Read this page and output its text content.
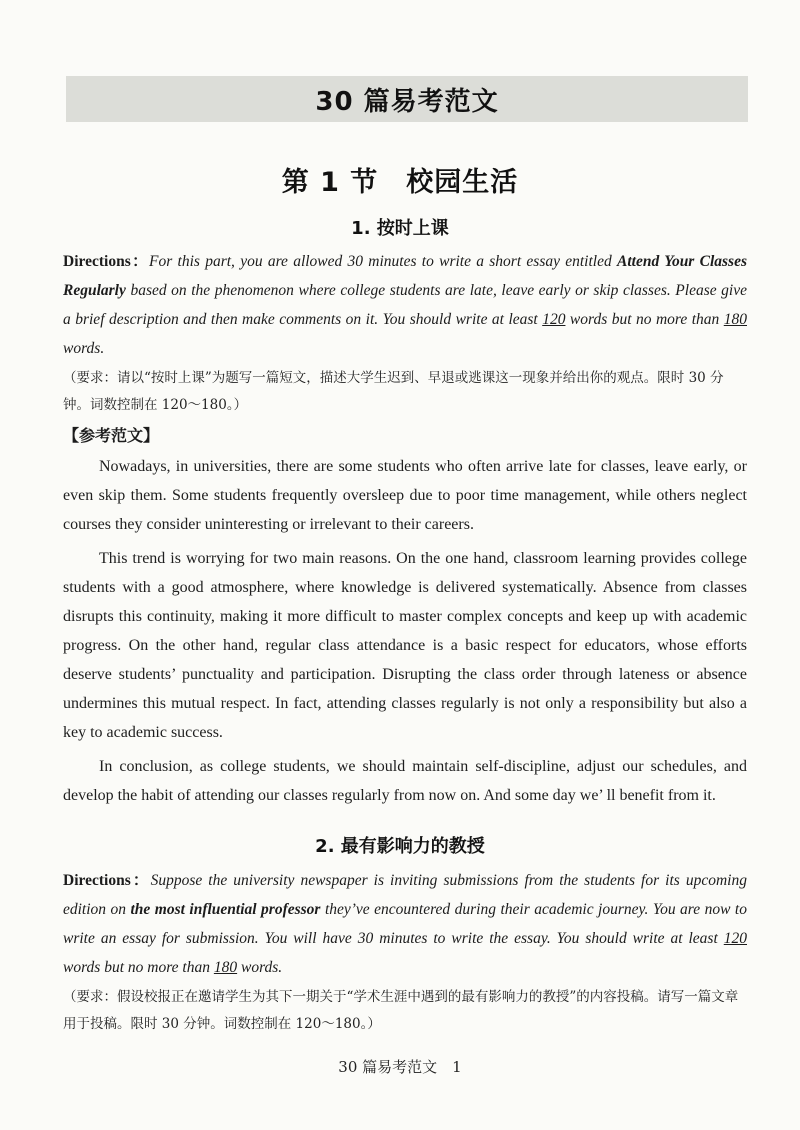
30 篇易考范文
第 1 节　校园生活
1. 按时上课
Directions：For this part, you are allowed 30 minutes to write a short essay entitled Attend Your Classes Regularly based on the phenomenon where college students are late, leave early or skip classes. Please give a brief description and then make comments on it. You should write at least 120 words but no more than 180 words.
（要求：请以“按时上课”为题写一篇短文，描述大学生迟到、早退或逃课这一现象并给出你的观点。限时 30 分钟。词数控制在 120～180。）
【参考范文】

Nowadays, in universities, there are some students who often arrive late for classes, leave early, or even skip them. Some students frequently oversleep due to poor time management, while others neglect courses they consider uninteresting or irrelevant to their careers.

This trend is worrying for two main reasons. On the one hand, classroom learning provides college students with a good atmosphere, where knowledge is delivered systematically. Absence from classes disrupts this continuity, making it more difficult to master complex concepts and keep up with academic progress. On the other hand, regular class attendance is a basic respect for educators, whose efforts deserve students’ punctuality and participation. Disrupting the class order through lateness or absence undermines this mutual respect. In fact, attending classes regularly is not only a responsibility but also a key to academic success.

In conclusion, as college students, we should maintain self-discipline, adjust our schedules, and develop the habit of attending our classes regularly from now on. And some day we’ ll benefit from it.

2. 最有影响力的教授
Directions：Suppose the university newspaper is inviting submissions from the students for its upcoming edition on the most influential professor they’ve encountered during their academic journey. You are now to write an essay for submission. You will have 30 minutes to write the essay. You should write at least 120 words but no more than 180 words.
（要求：假设校报正在邀请学生为其下一期关于“学术生涯中遇到的最有影响力的教授”的内容投稿。请写一篇文章用于投稿。限时 30 分钟。词数控制在 120～180。）
30 篇易考范文　1
